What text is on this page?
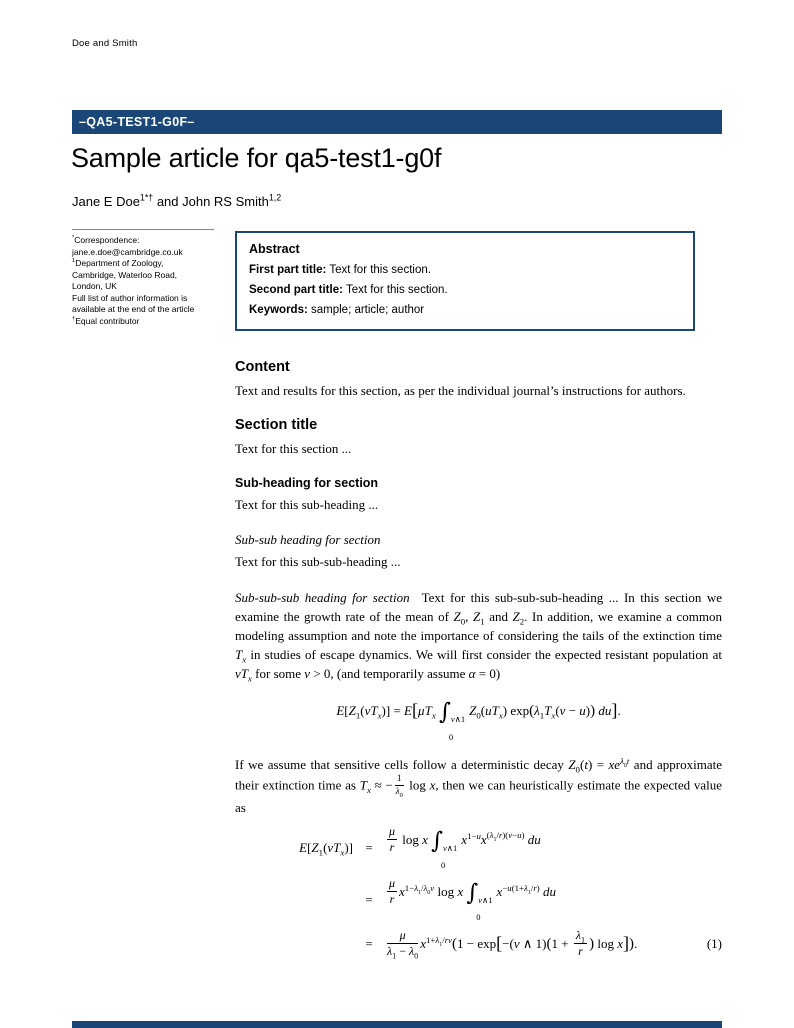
Doe and Smith
–QA5-TEST1-G0F–
Sample article for qa5-test1-g0f
Jane E Doe$^{1*\dagger}$ and John RS Smith$^{1,2}$
*Correspondence:
jane.e.doe@cambridge.co.uk
$^1$Department of Zoology,
Cambridge, Waterloo Road,
London, UK
Full list of author information is
available at the end of the article
†Equal contributor
Abstract
First part title: Text for this section.
Second part title: Text for this section.
Keywords: sample; article; author
Content

Text and results for this section, as per the individual journal’s instructions for authors.

Section title

Text for this section ...

Sub-heading for section

Text for this sub-heading ...

Sub-sub heading for section

Text for this sub-sub-heading ...

Sub-sub-sub heading for section Text for this sub-sub-sub-heading ... In this section we examine the growth rate of the mean of $Z_0$, $Z_1$ and $Z_2$. In addition, we examine a common modeling assumption and note the importance of considering the tails of the extinction time $T_x$ in studies of escape dynamics. We will first consider the expected resistant population at $vT_x$ for some v > 0, (and temporarily assume α = 0)

$E[Z_1(vT_x)] = E[\mu T_x$ ∫ v∧1
0
$Z_0(uT_x) \exp(\lambda_1T_x(v - u))$ du].

If we assume that sensitive cells follow a deterministic decay $Z_0(t) = xe^{\lambda_0t}$ and approximate their extinction time as $T_x$ ≈ − $\frac{1}{\lambda_0}$ log x, then we can heuristically estimate the expected value as

$E[Z_1(vT_x)]$ =	$\frac{\mu}{r}$ log x ∫ v∧1
0
$x^{1-u}x^{(\lambda_1/r)(v-u)}$ du
=	$\frac{\mu}{r} x^{1-\lambda_1/\lambda_0v}$ log x ∫ v∧1
0
$x^{-u(1+\lambda_1/r)}$ du
=	$\frac{\mu}{\lambda_1 - \lambda_0} x^{1+\lambda_1/rv}(1 - \exp[-(v$ ∧ $1)(1 + \frac{\lambda_1}{r}$ ) log x]).	(1)
